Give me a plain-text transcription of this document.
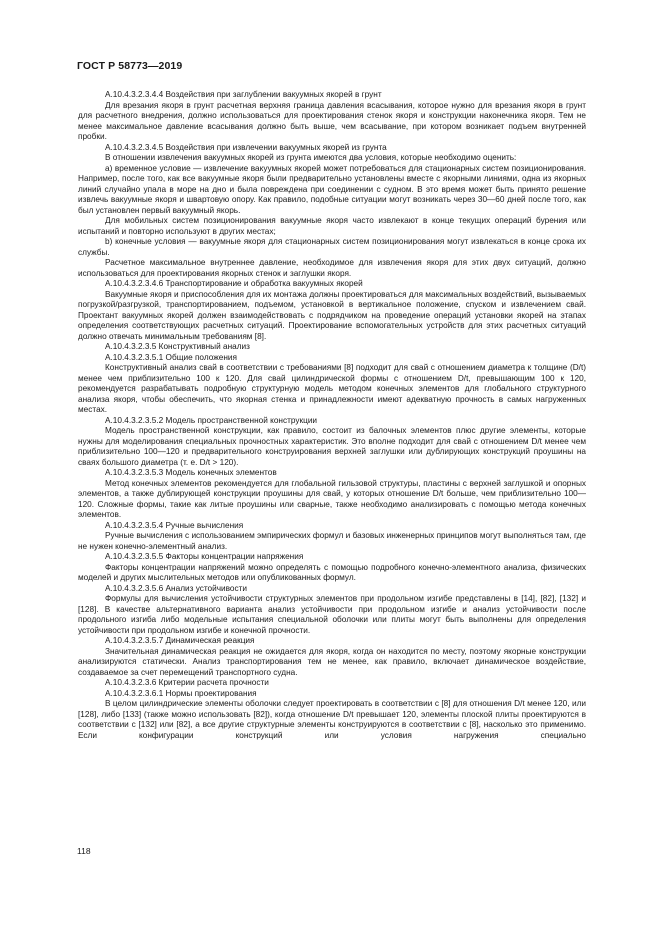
ГОСТ Р 58773—2019

А.10.4.3.2.3.4.4 Воздействия при заглублении вакуумных якорей в грунт

Для врезания якоря в грунт расчетная верхняя граница давления всасывания, которое нужно для врезания якоря в грунт для расчетного внедрения, должно использоваться для проектирования стенок якоря и конструкции наконечника якоря. Тем не менее максимальное давление всасывания должно быть выше, чем всасывание, при котором возникает подъем внутренней пробки.

А.10.4.3.2.3.4.5 Воздействия при извлечении вакуумных якорей из грунта

В отношении извлечения вакуумных якорей из грунта имеются два условия, которые необходимо оценить:

a) временное условие — извлечение вакуумных якорей может потребоваться для стационарных систем позиционирования. Например, после того, как все вакуумные якоря были предварительно установлены вместе с якорными линиями, одна из якорных линий случайно упала в море на дно и была повреждена при соединении с судном. В это время может быть принято решение извлечь вакуумные якоря и швартовую опору. Как правило, подобные ситуации могут возникать через 30—60 дней после того, как был установлен первый вакуумный якорь.

Для мобильных систем позиционирования вакуумные якоря часто извлекают в конце текущих операций бурения или испытаний и повторно используют в других местах;

b) конечные условия — вакуумные якоря для стационарных систем позиционирования могут извлекаться в конце срока их службы.

Расчетное максимальное внутреннее давление, необходимое для извлечения якоря для этих двух ситуаций, должно использоваться для проектирования якорных стенок и заглушки якоря.

А.10.4.3.2.3.4.6 Транспортирование и обработка вакуумных якорей

Вакуумные якоря и приспособления для их монтажа должны проектироваться для максимальных воздействий, вызываемых погрузкой/разгрузкой, транспортированием, подъемом, установкой в вертикальное положение, спуском и извлечением свай. Проектант вакуумных якорей должен взаимодействовать с подрядчиком на проведение операций установки якорей на этапах определения соответствующих расчетных ситуаций. Проектирование вспомогательных устройств для этих расчетных ситуаций должно отвечать минимальным требованиям [8].

А.10.4.3.2.3.5 Конструктивный анализ

А.10.4.3.2.3.5.1 Общие положения

Конструктивный анализ свай в соответствии с требованиями [8] подходит для свай с отношением диаметра к толщине (D/t) менее чем приблизительно 100 к 120. Для свай цилиндрической формы с отношением D/t, превышающим 100 к 120, рекомендуется разрабатывать подробную структурную модель методом конечных элементов для глобального структурного анализа якоря, чтобы обеспечить, что якорная стенка и принадлежности имеют адекватную прочность в самых нагруженных местах.

А.10.4.3.2.3.5.2 Модель пространственной конструкции

Модель пространственной конструкции, как правило, состоит из балочных элементов плюс другие элементы, которые нужны для моделирования специальных прочностных характеристик. Это вполне подходит для свай с отношением D/t менее чем приблизительно 100—120 и предварительного конструирования верхней заглушки или дублирующих конструкций проушины на сваях большого диаметра (т. е. D/t > 120).

А.10.4.3.2.3.5.3 Модель конечных элементов

Метод конечных элементов рекомендуется для глобальной гильзовой структуры, пластины с верхней заглушкой и опорных элементов, а также дублирующей конструкции проушины для свай, у которых отношение D/t больше, чем приблизительно 100—120. Сложные формы, такие как литые проушины или сварные, также необходимо анализировать с помощью метода конечных элементов.

А.10.4.3.2.3.5.4 Ручные вычисления

Ручные вычисления с использованием эмпирических формул и базовых инженерных принципов могут выполняться там, где не нужен конечно-элементный анализ.

А.10.4.3.2.3.5.5 Факторы концентрации напряжения

Факторы концентрации напряжений можно определять с помощью подробного конечно-элементного анализа, физических моделей и других мыслительных методов или опубликованных формул.

А.10.4.3.2.3.5.6 Анализ устойчивости

Формулы для вычисления устойчивости структурных элементов при продольном изгибе представлены в [14], [82], [132] и [128]. В качестве альтернативного варианта анализ устойчивости при продольном изгибе и анализ устойчивости после продольного изгиба либо модельные испытания специальной оболочки или плиты могут быть выполнены для определения устойчивости при продольном изгибе и конечной прочности.

А.10.4.3.2.3.5.7 Динамическая реакция

Значительная динамическая реакция не ожидается для якоря, когда он находится по месту, поэтому якорные конструкции анализируются статически. Анализ транспортирования тем не менее, как правило, включает динамическое воздействие, создаваемое за счет перемещений транспортного судна.

А.10.4.3.2.3.6 Критерии расчета прочности

А.10.4.3.2.3.6.1 Нормы проектирования

В целом цилиндрические элементы оболочки следует проектировать в соответствии с [8] для отношения D/t менее 120, или [128], либо [133] (также можно использовать [82]), когда отношение D/t превышает 120, элементы плоской плиты проектируются в соответствии с [132] или [82], а все другие структурные элементы конструируются в соответствии с [8], насколько это применимо. Если конфигурации конструкций или условия нагружения специально

118
